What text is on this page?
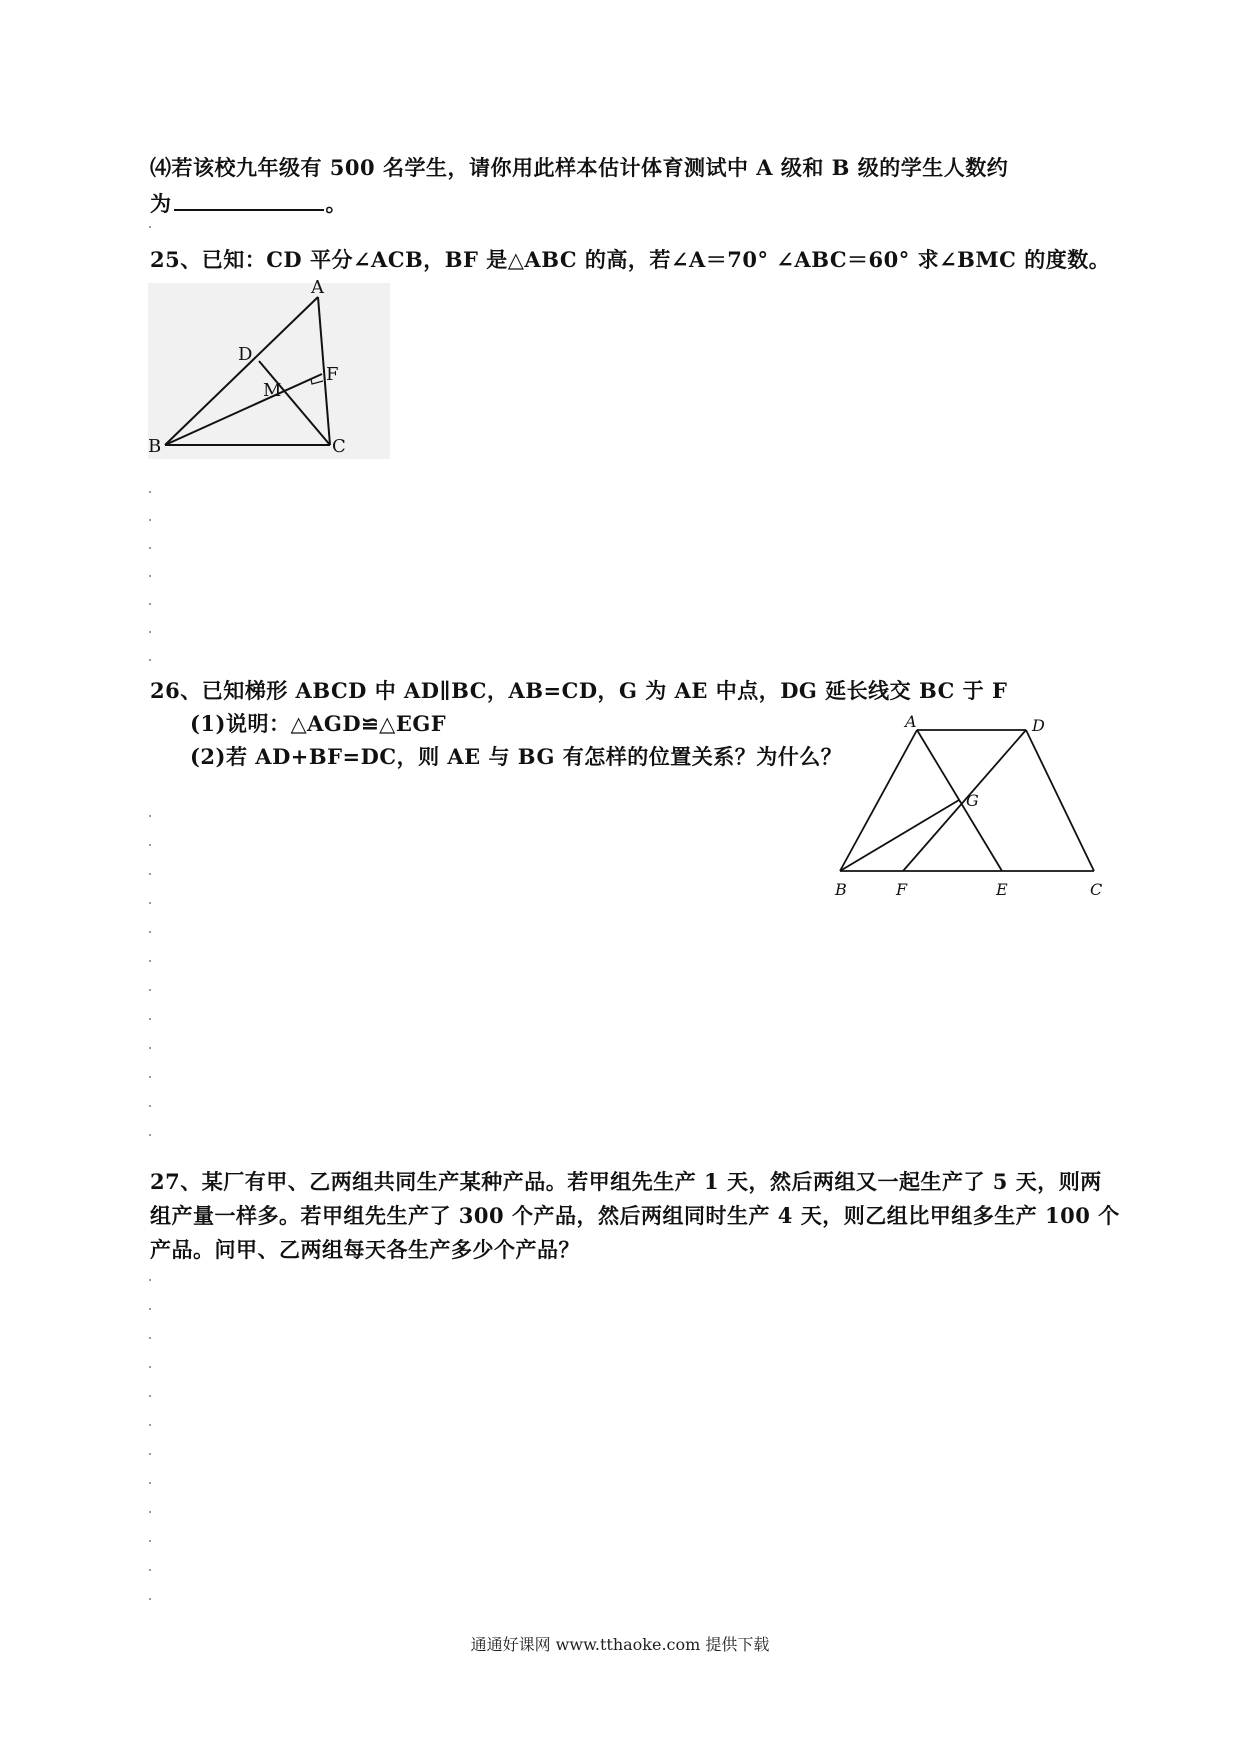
⑷若该校九年级有 500 名学生，请你用此样本估计体育测试中 A 级和 B 级的学生人数约
为	。
25、已知：CD 平分∠ACB，BF 是△ABC 的高，若∠A＝70° ∠ABC＝60° 求∠BMC 的度数。
A
D
F
M
B	C
26、已知梯形 ABCD 中 AD∥BC，AB=CD，G 为 AE 中点，DG 延长线交 BC 于 F
(1)说明：△AGD≌△EGF
(2)若 AD+BF=DC，则 AE 与 BG 有怎样的位置关系？为什么？
A	D
G
B	F	E	C
27、某厂有甲、乙两组共同生产某种产品。若甲组先生产 1 天，然后两组又一起生产了 5 天，则两
组产量一样多。若甲组先生产了 300 个产品，然后两组同时生产 4 天，则乙组比甲组多生产 100 个
产品。问甲、乙两组每天各生产多少个产品？
通通好课网 www.tthaoke.com 提供下载
